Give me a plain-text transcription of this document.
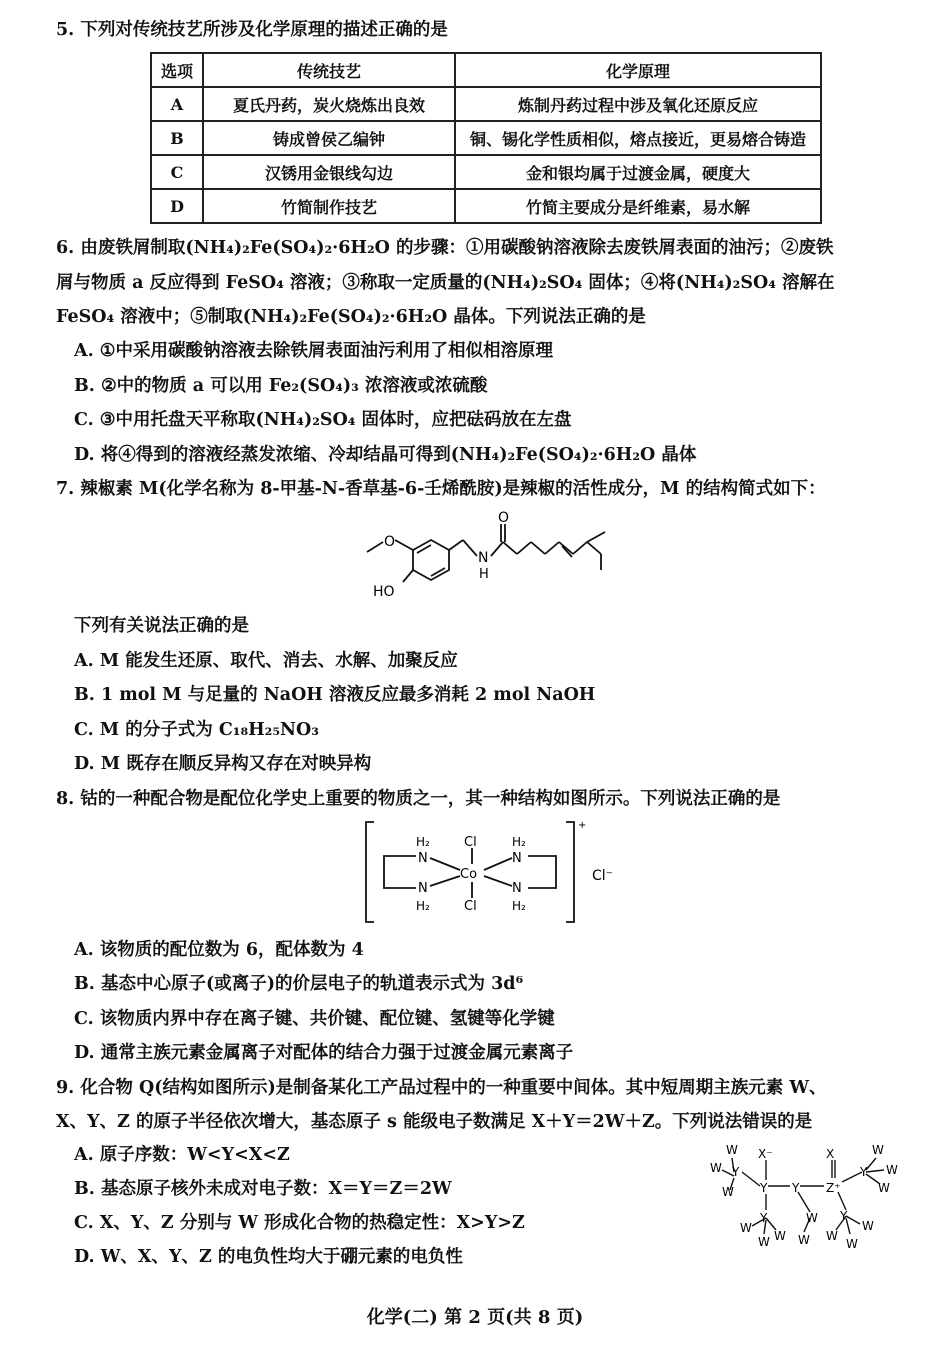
5. 下列对传统技艺所涉及化学原理的描述正确的是
选项	传统技艺	化学原理
A	夏氏丹药，炭火烧炼出良效	炼制丹药过程中涉及氧化还原反应
B	铸成曾侯乙编钟	铜、锡化学性质相似，熔点接近，更易熔合铸造
C	汉锈用金银线勾边	金和银均属于过渡金属，硬度大
D	竹简制作技艺	竹简主要成分是纤维素，易水解
6. 由废铁屑制取(NH₄)₂Fe(SO₄)₂·6H₂O 的步骤：①用碳酸钠溶液除去废铁屑表面的油污；②废铁
屑与物质 a 反应得到 FeSO₄ 溶液；③称取一定质量的(NH₄)₂SO₄ 固体；④将(NH₄)₂SO₄ 溶解在
FeSO₄ 溶液中；⑤制取(NH₄)₂Fe(SO₄)₂·6H₂O 晶体。下列说法正确的是
A. ①中采用碳酸钠溶液去除铁屑表面油污利用了相似相溶原理
B. ②中的物质 a 可以用 Fe₂(SO₄)₃ 浓溶液或浓硫酸
C. ③中用托盘天平称取(NH₄)₂SO₄ 固体时，应把砝码放在左盘
D. 将④得到的溶液经蒸发浓缩、冷却结晶可得到(NH₄)₂Fe(SO₄)₂·6H₂O 晶体
7. 辣椒素 M(化学名称为 8-甲基-N-香草基-6-壬烯酰胺)是辣椒的活性成分，M 的结构简式如下：
O
O
N
H
HO
下列有关说法正确的是
A. M 能发生还原、取代、消去、水解、加聚反应
B. 1 mol M 与足量的 NaOH 溶液反应最多消耗 2 mol NaOH
C. M 的分子式为 C₁₈H₂₅NO₃
D. M 既存在顺反异构又存在对映异构
8. 钴的一种配合物是配位化学史上重要的物质之一，其一种结构如图所示。下列说法正确的是
H₂
N
N
H₂
H₂
N
N
H₂
Cl
Cl
Co
+
Cl⁻
A. 该物质的配位数为 6，配体数为 4
B. 基态中心原子(或离子)的价层电子的轨道表示式为 3d⁶
C. 该物质内界中存在离子键、共价键、配位键、氢键等化学键
D. 通常主族元素金属离子对配体的结合力强于过渡金属元素离子
9. 化合物 Q(结构如图所示)是制备某化工产品过程中的一种重要中间体。其中短周期主族元素 W、
X、Y、Z 的原子半径依次增大，基态原子 s 能级电子数满足 X＋Y＝2W＋Z。下列说法错误的是
A. 原子序数：W<Y<X<Z
B. 基态原子核外未成对电子数：X＝Y＝Z＝2W
C. X、Y、Z 分别与 W 形成化合物的热稳定性：X>Y>Z
D. W、X、Y、Z 的电负性均大于硼元素的电负性
W
W
W
Y
X⁻
Y Y
X
Z⁺
Y
W
W
W
Y
W
W W
W
W
Y
W
W
W
化学(二) 第 2 页(共 8 页)
